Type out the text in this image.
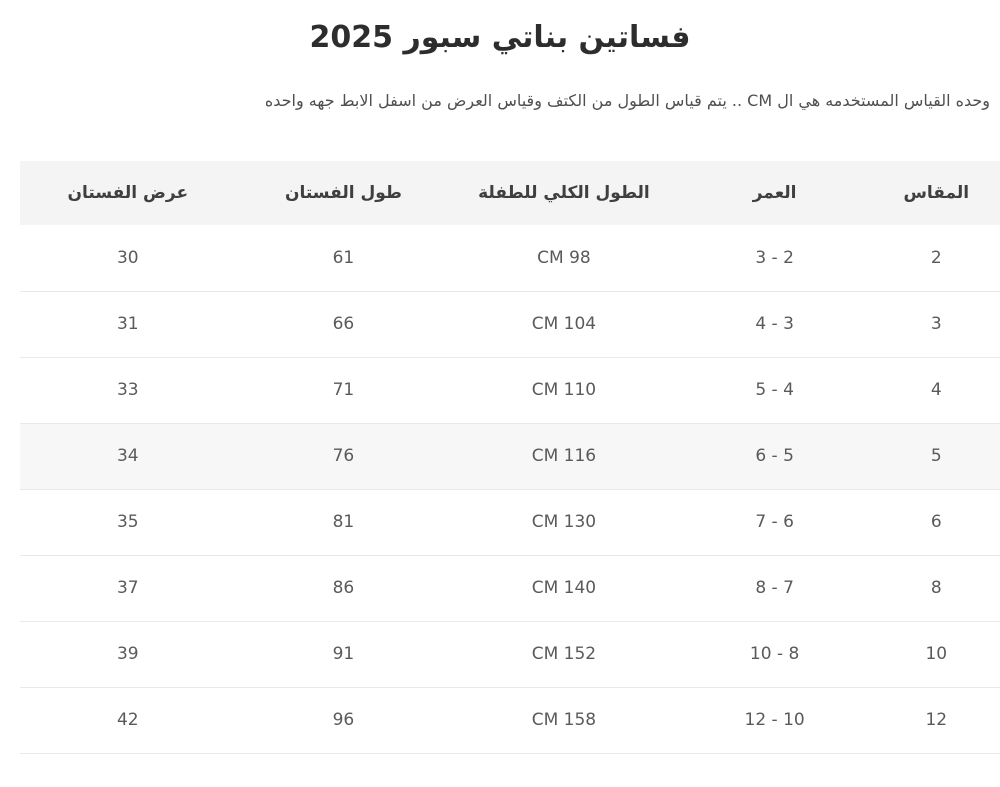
فساتين بناتي سبور 2025

وحده القياس المستخدمه هي ال CM .. يتم قياس الطول من الكتف وقياس العرض من اسفل الابط جهه واحده

المقاس	العمر	الطول الكلي للطفلة	طول الفستان	عرض الفستان
2	3 - 2	CM 98	61	30
3	4 - 3	CM 104	66	31
4	5 - 4	CM 110	71	33
5	6 - 5	CM 116	76	34
6	7 - 6	CM 130	81	35
8	8 - 7	CM 140	86	37
10	10 - 8	CM 152	91	39
12	12 - 10	CM 158	96	42
